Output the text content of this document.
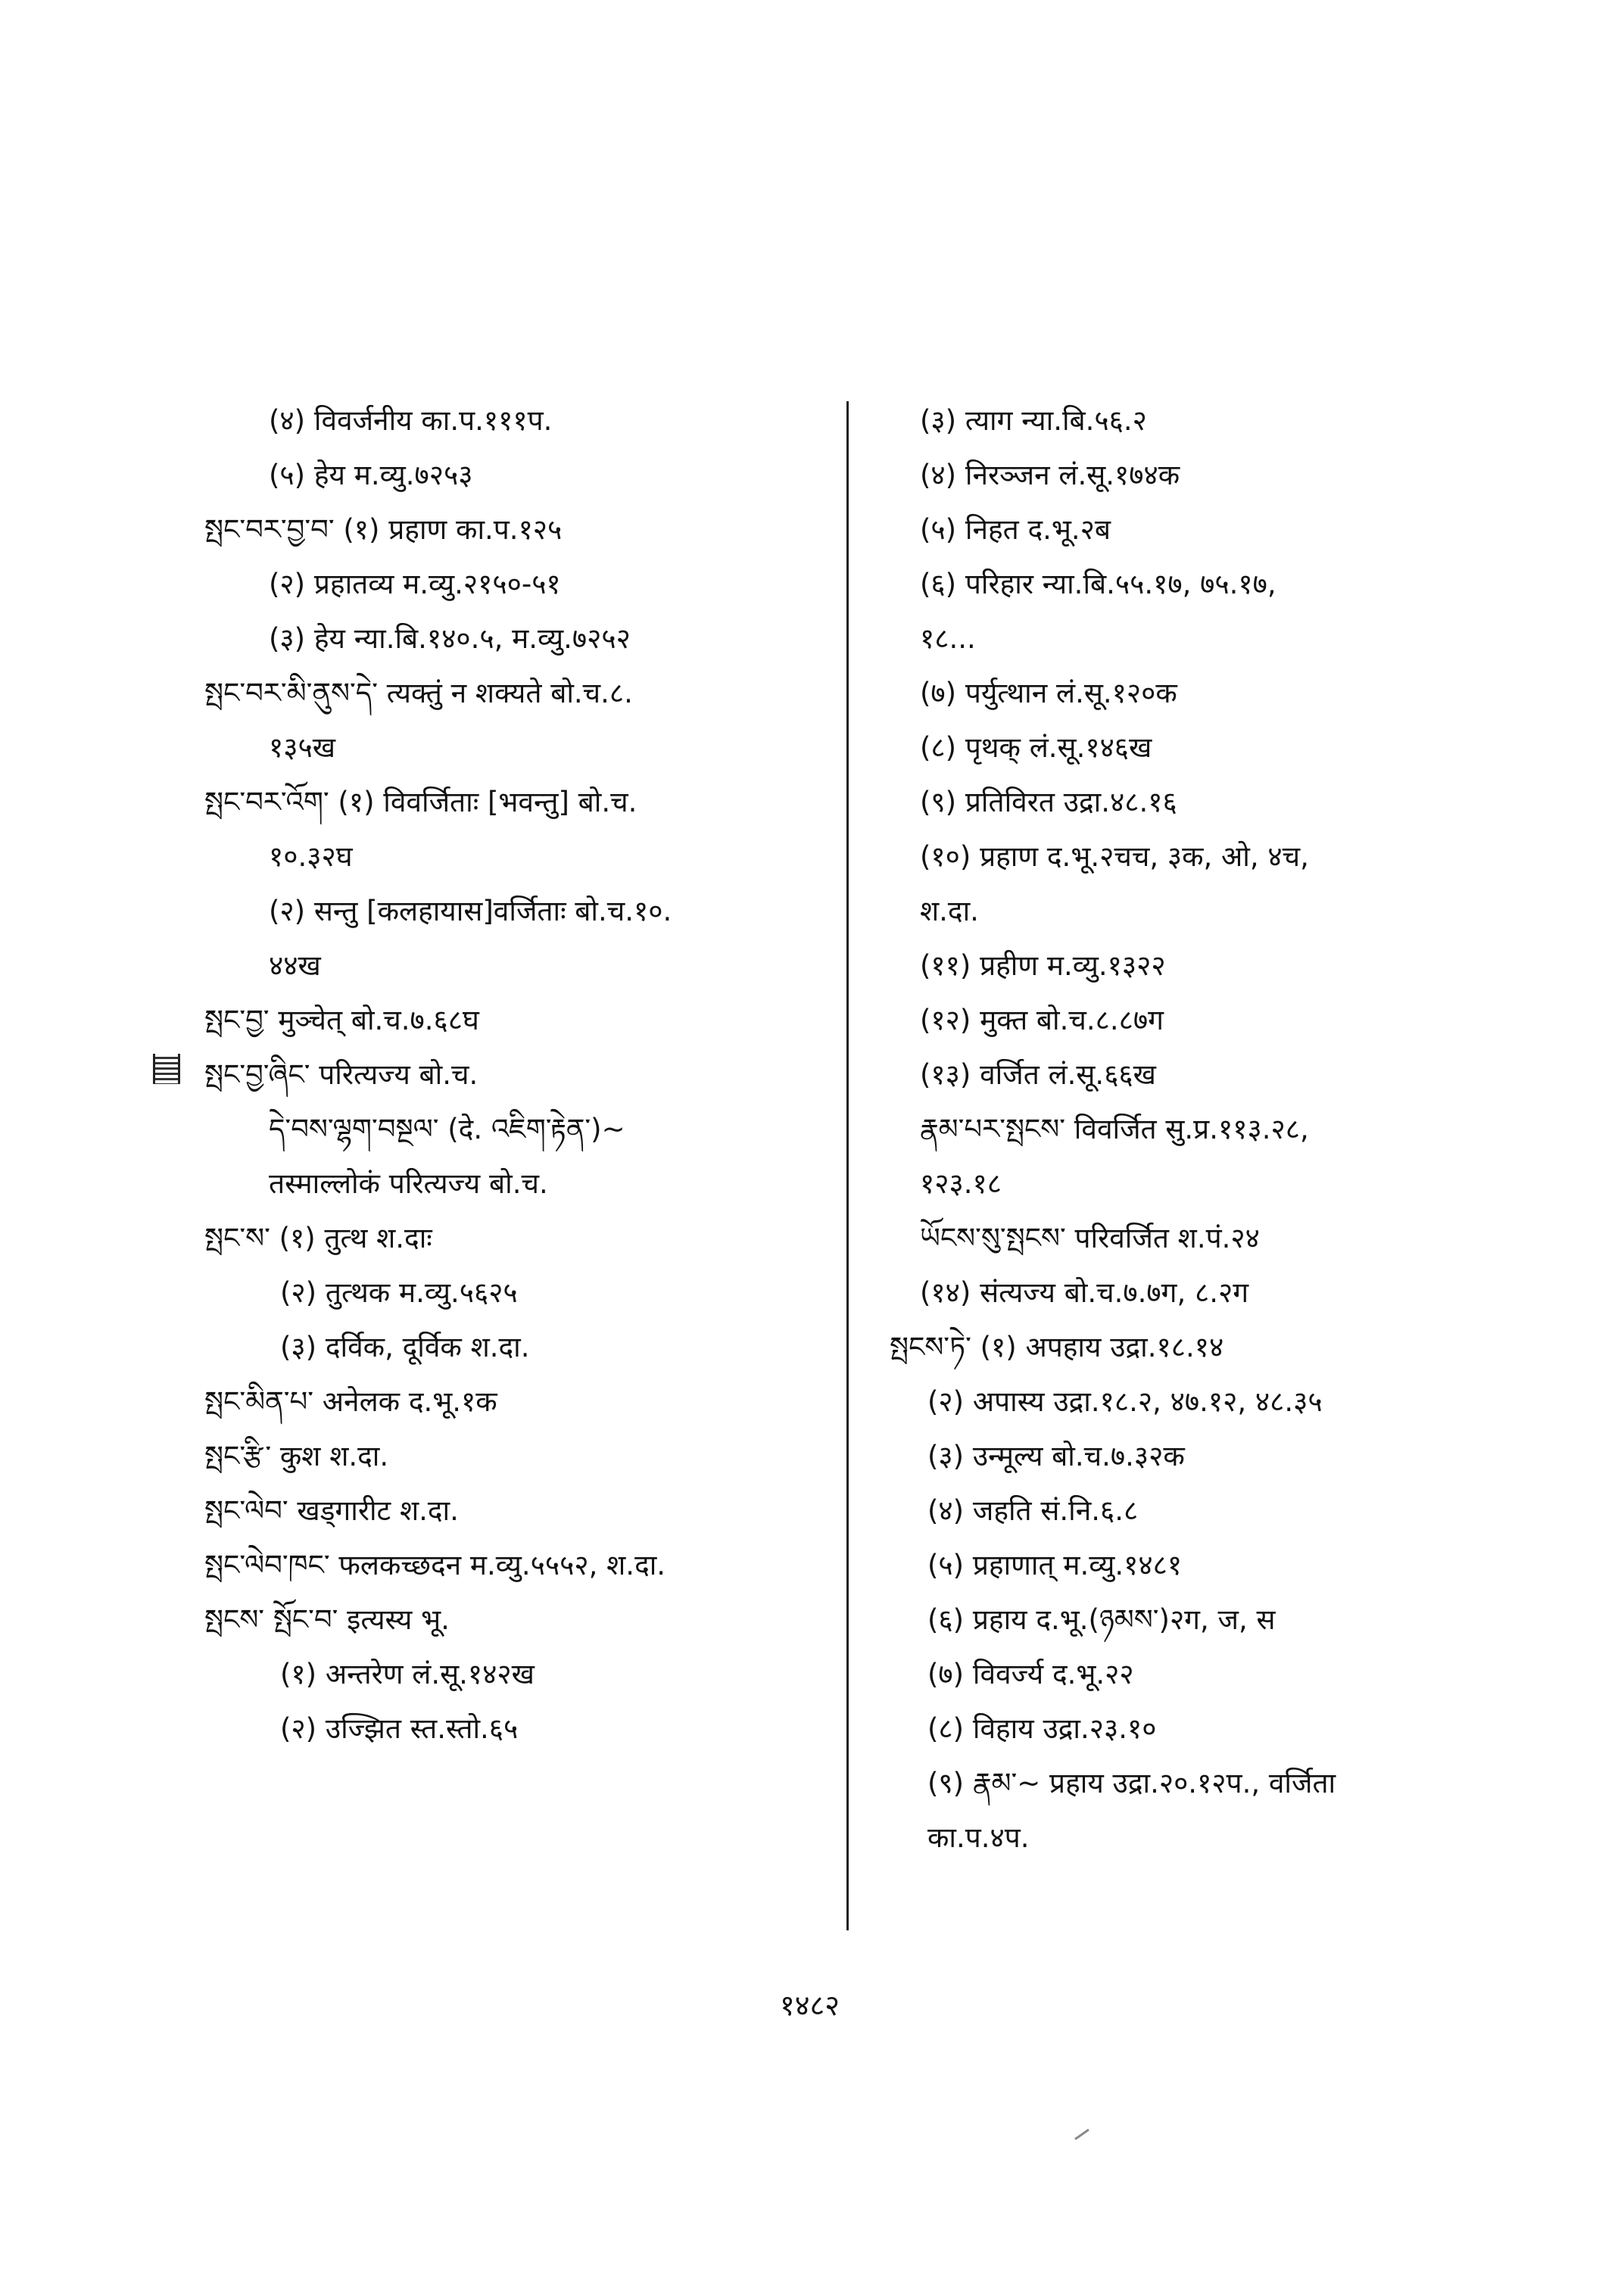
(४) विवर्जनीय का.प.१११प.
(५) हेय म.व्यु.७२५३
སྤང་བར་བྱ་བ་ (१) प्रहाण का.प.१२५
(२) प्रहातव्य म.व्यु.२१५०-५१
(३) हेय न्या.बि.१४०.५, म.व्यु.७२५२
སྤང་བར་མི་ནུས་དེ་ त्यक्तुं न शक्यते बो.च.८.
१३५ख
སྤང་བར་འོག་ (१) विवर्जिताः [भवन्तु] बो.च.
१०.३२घ
(२) सन्तु [कलहायास]वर्जिताः बो.च.१०.
४४ख
སྤང་བྱ་ मुञ्चेत् बो.च.७.६८घ
སྤང་བྱ་ཞིང་ परित्यज्य बो.च.
དེ་བས་ལྷག་བསྔལ་ (दे. འཇིག་རྟེན་)~
तस्माल्लोकं परित्यज्य बो.च.
སྤང་ས་ (१) तुत्थ श.दाः
(२) तुत्थक म.व्यु.५६२५
(३) दर्विक, दूर्विक श.दा.
སྤང་མིན་པ་ अनेलक द.भू.१क
སྤང་རྩི་ कुश श.दा.
སྤང་ལེབ་ खड्गारीट श.दा.
སྤང་ལེབ་ཁང་ फलकच्छदन म.व्यु.५५५२, श.दा.
སྤངས་ སྤོང་བ་ इत्यस्य भू.
(१) अन्तरेण लं.सू.१४२ख
(२) उज्झित स्त.स्तो.६५
(३) त्याग न्या.बि.५६.२
(४) निरञ्जन लं.सू.१७४क
(५) निहत द.भू.२ब
(६) परिहार न्या.बि.५५.१७, ७५.१७,
१८...
(७) पर्युत्थान लं.सू.१२०क
(८) पृथक् लं.सू.१४६ख
(९) प्रतिविरत उद्रा.४८.१६
(१०) प्रहाण द.भू.२चच, ३क, ओ, ४च,
श.दा.
(११) प्रहीण म.व्यु.१३२२
(१२) मुक्त बो.च.८.८७ग
(१३) वर्जित लं.सू.६६ख
རྣམ་པར་སྤངས་ विवर्जित सु.प्र.११३.२८,
१२३.१८
ཡོངས་སུ་སྤངས་ परिवर्जित श.पं.२४
(१४) संत्यज्य बो.च.७.७ग, ८.२ग
སྤངས་ཏེ་ (१) अपहाय उद्रा.१८.१४
(२) अपास्य उद्रा.१८.२, ४७.१२, ४८.३५
(३) उन्मूल्य बो.च.७.३२क
(४) जहति सं.नि.६.८
(५) प्रहाणात् म.व्यु.१४८१
(६) प्रहाय द.भू.(ཉམས་)२ग, ज, स
(७) विवर्ज्य द.भू.२२
(८) विहाय उद्रा.२३.१०
(९) རྣམ་~ प्रहाय उद्रा.२०.१२प., वर्जिता
का.प.४प.
१४८२
